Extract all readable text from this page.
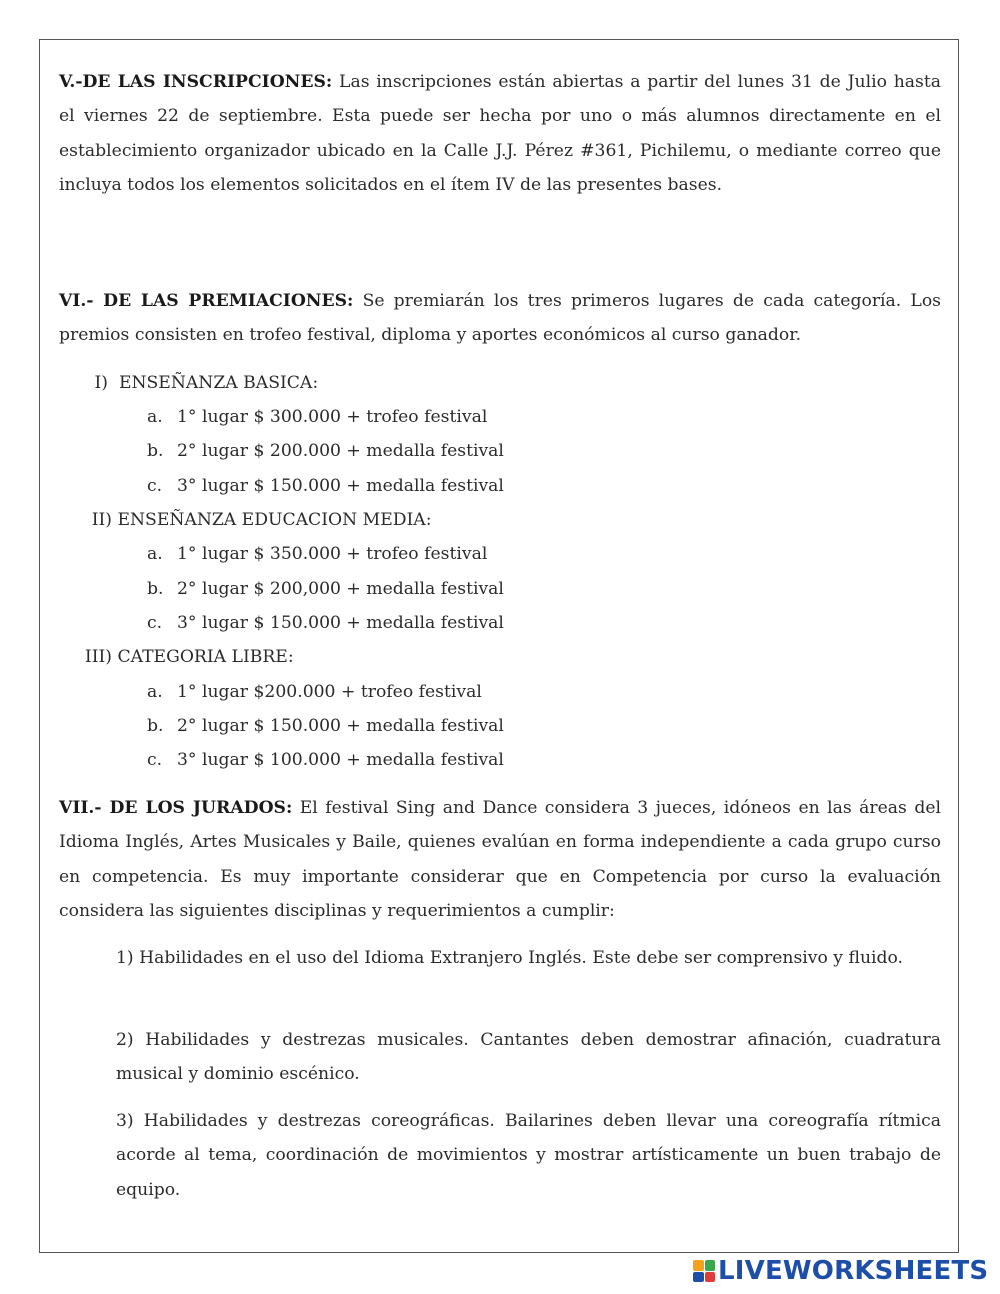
V.-DE LAS INSCRIPCIONES: Las inscripciones están abiertas a partir del lunes 31 de Julio hasta el viernes 22 de septiembre. Esta puede ser hecha por uno o más alumnos directamente en el establecimiento organizador ubicado en la Calle J.J. Pérez #361, Pichilemu, o mediante correo que incluya todos los elementos solicitados en el ítem IV de las presentes bases.
VI.- DE LAS PREMIACIONES: Se premiarán los tres primeros lugares de cada categoría. Los premios consisten en trofeo festival, diploma y aportes económicos al curso ganador.
I) ENSEÑANZA BASICA:
a. 1° lugar $ 300.000 + trofeo festival
b. 2° lugar $ 200.000 + medalla festival
c. 3° lugar $ 150.000 + medalla festival
II) ENSEÑANZA EDUCACION MEDIA:
a. 1° lugar $ 350.000 + trofeo festival
b. 2° lugar $ 200,000 + medalla festival
c. 3° lugar $ 150.000 + medalla festival
III) CATEGORIA LIBRE:
a. 1° lugar $200.000 + trofeo festival
b. 2° lugar $ 150.000 + medalla festival
c. 3° lugar $ 100.000 + medalla festival
VII.- DE LOS JURADOS: El festival Sing and Dance considera 3 jueces, idóneos en las áreas del Idioma Inglés, Artes Musicales y Baile, quienes evalúan en forma independiente a cada grupo curso en competencia. Es muy importante considerar que en Competencia por curso la evaluación considera las siguientes disciplinas y requerimientos a cumplir:
1) Habilidades en el uso del Idioma Extranjero Inglés. Este debe ser comprensivo y fluido.
2) Habilidades y destrezas musicales. Cantantes deben demostrar afinación, cuadratura musical y dominio escénico.
3) Habilidades y destrezas coreográficas. Bailarines deben llevar una coreografía rítmica acorde al tema, coordinación de movimientos y mostrar artísticamente un buen trabajo de equipo.
LIVEWORKSHEETS
